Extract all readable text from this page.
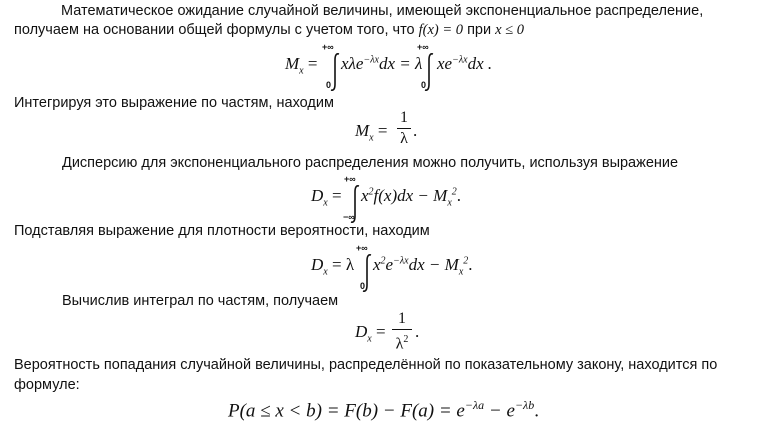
Математическое ожидание случайной величины, имеющей экспоненциальное распределение,
получаем на основании общей формулы с учетом того, что f(x) = 0 при x ≤ 0
$M_x$ =
+∞
0
xλe$^{-\lambda x}$dx = λ
+∞
0
$xe^{-\lambda x}dx$ .
Интегрируя это выражение по частям, находим
$M_x$ =
1
λ .
Дисперсию для экспоненциального распределения можно получить, используя выражение
$D_x$ =
+∞
−∞
$x^2f(x)dx - M_x^2$.
Подставляя выражение для плотности вероятности, находим
$D_x = \lambda$
+∞
0
$x^2e^{-\lambda x}dx - M_x^2$.
Вычислив интеграл по частям, получаем
$D_x$ =
1
$\lambda^2$ .
Вероятность попадания случайной величины, распределённой по показательному закону, находится по
формуле:
$P(a \le x < b) = F(b) - F(a) = e^{-\lambda a} - e^{-\lambda b}$.
